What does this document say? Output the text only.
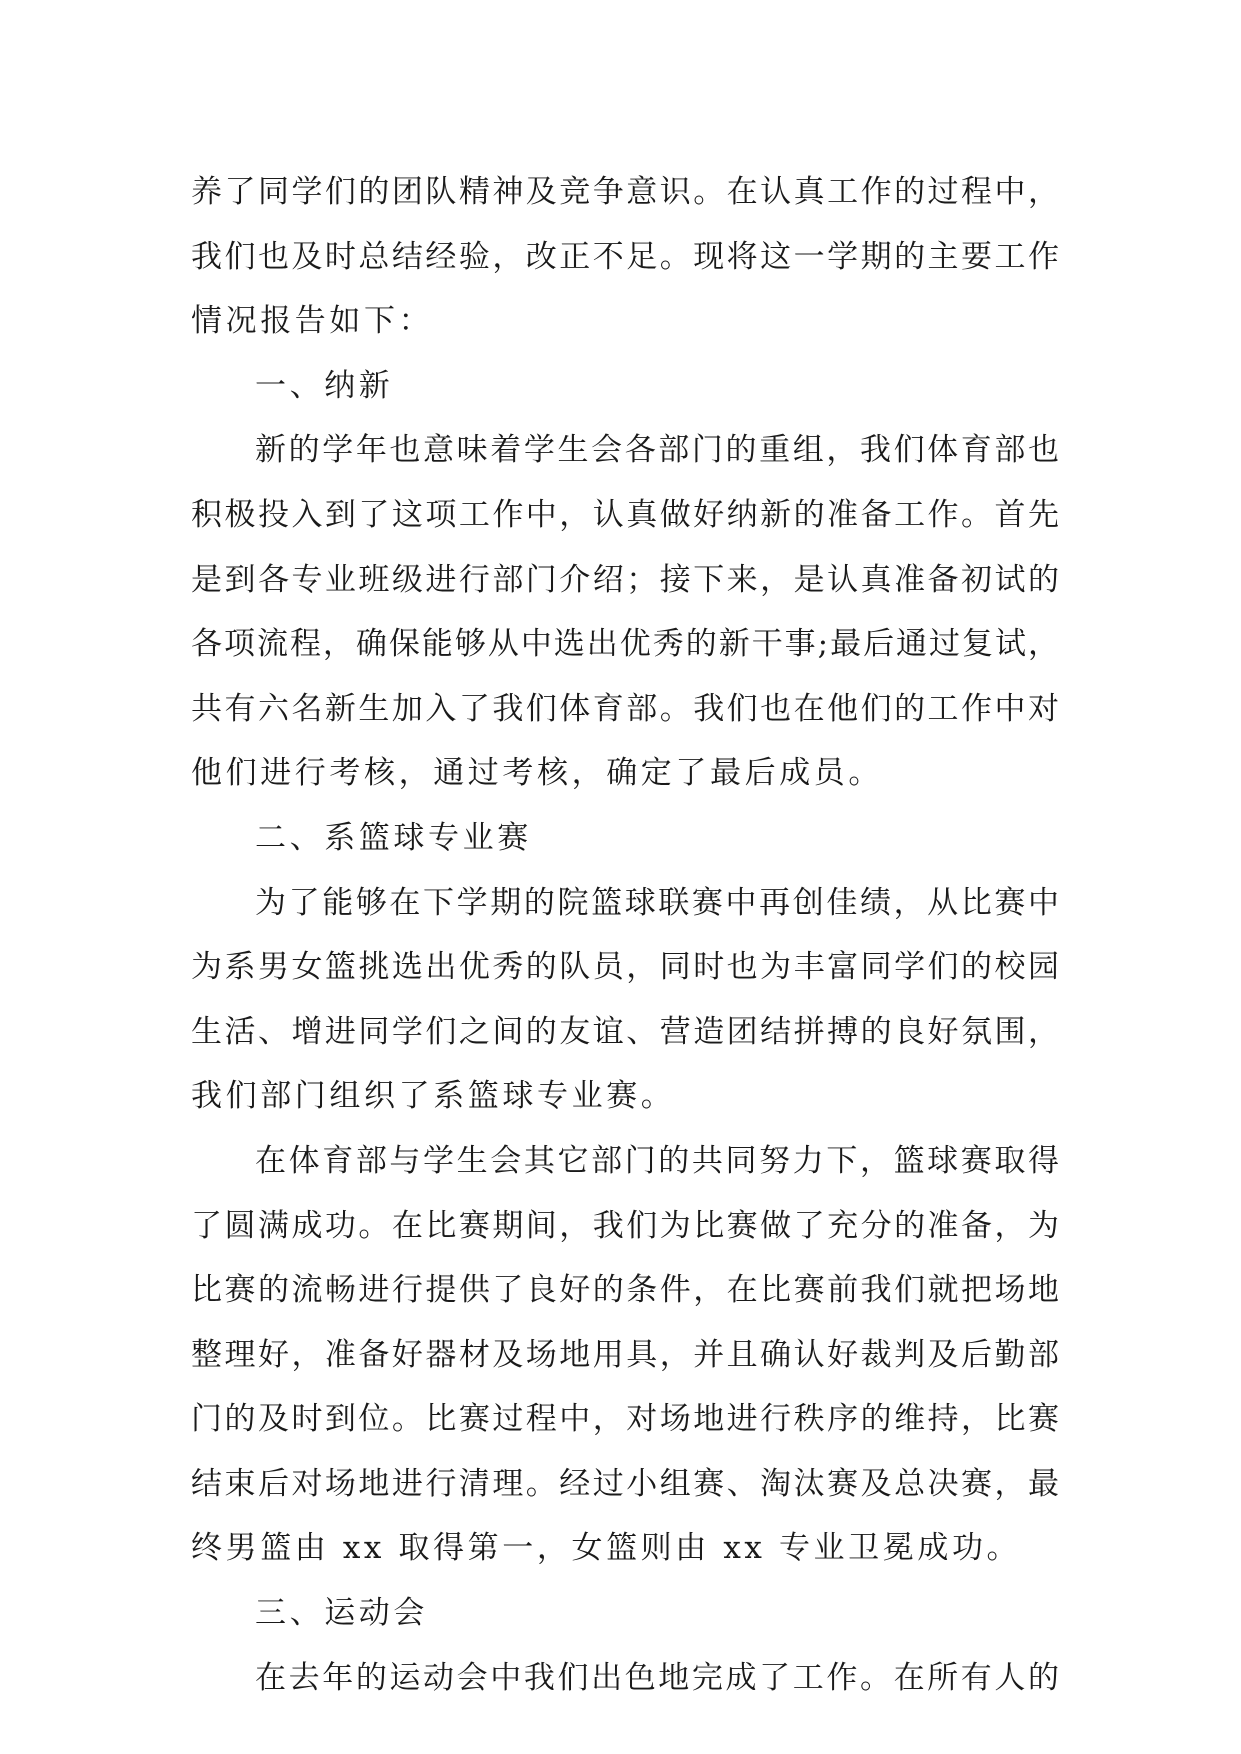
养了同学们的团队精神及竞争意识。在认真工作的过程中，
我们也及时总结经验，改正不足。现将这一学期的主要工作
情况报告如下：
一、纳新
新的学年也意味着学生会各部门的重组，我们体育部也
积极投入到了这项工作中，认真做好纳新的准备工作。首先
是到各专业班级进行部门介绍；接下来，是认真准备初试的
各项流程，确保能够从中选出优秀的新干事;最后通过复试，
共有六名新生加入了我们体育部。我们也在他们的工作中对
他们进行考核，通过考核，确定了最后成员。
二、系篮球专业赛
为了能够在下学期的院篮球联赛中再创佳绩，从比赛中
为系男女篮挑选出优秀的队员，同时也为丰富同学们的校园
生活、增进同学们之间的友谊、营造团结拼搏的良好氛围，
我们部门组织了系篮球专业赛。
在体育部与学生会其它部门的共同努力下，篮球赛取得
了圆满成功。在比赛期间，我们为比赛做了充分的准备，为
比赛的流畅进行提供了良好的条件，在比赛前我们就把场地
整理好，准备好器材及场地用具，并且确认好裁判及后勤部
门的及时到位。比赛过程中，对场地进行秩序的维持，比赛
结束后对场地进行清理。经过小组赛、淘汰赛及总决赛，最
终男篮由 xx 取得第一，女篮则由 xx 专业卫冕成功。
三、运动会
在去年的运动会中我们出色地完成了工作。在所有人的
